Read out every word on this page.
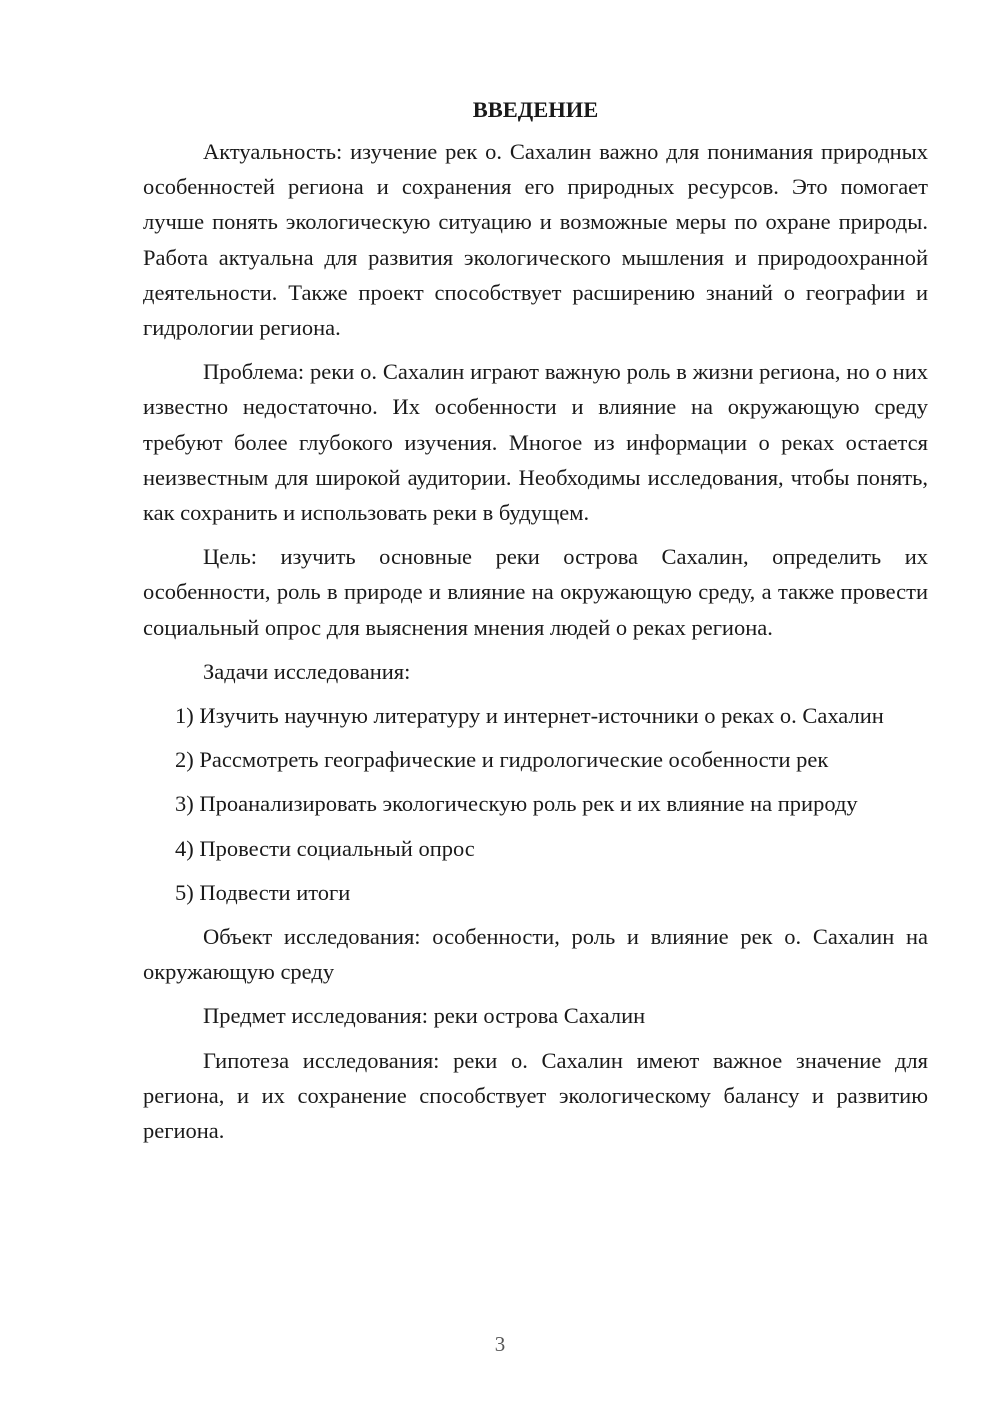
ВВЕДЕНИЕ

Актуальность: изучение рек о. Сахалин важно для понимания природных особенностей региона и сохранения его природных ресурсов. Это помогает лучше понять экологическую ситуацию и возможные меры по охране природы. Работа актуальна для развития экологического мышления и природоохранной деятельности. Также проект способствует расширению знаний о географии и гидрологии региона.

Проблема: реки о. Сахалин играют важную роль в жизни региона, но о них известно недостаточно. Их особенности и влияние на окружающую среду требуют более глубокого изучения. Многое из информации о реках остается неизвестным для широкой аудитории. Необходимы исследования, чтобы понять, как сохранить и использовать реки в будущем.

Цель: изучить основные реки острова Сахалин, определить их особенности, роль в природе и влияние на окружающую среду, а также провести социальный опрос для выяснения мнения людей о реках региона.

Задачи исследования:

1) Изучить научную литературу и интернет-источники о реках о. Сахалин

2) Рассмотреть географические и гидрологические особенности рек

3) Проанализировать экологическую роль рек и их влияние на природу

4) Провести социальный опрос

5) Подвести итоги

Объект исследования: особенности, роль и влияние рек о. Сахалин на окружающую среду

Предмет исследования: реки острова Сахалин

Гипотеза исследования: реки о. Сахалин имеют важное значение для региона, и их сохранение способствует экологическому балансу и развитию региона.

3
